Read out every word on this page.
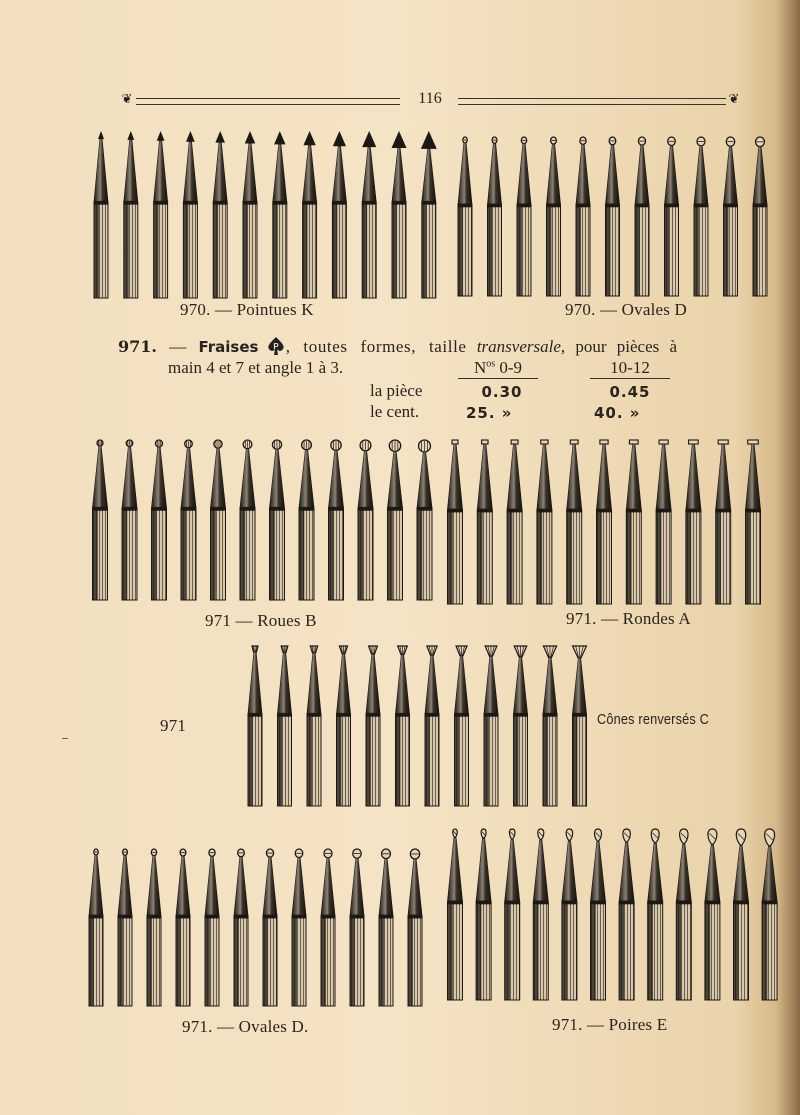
❦	116	❦
970. — Pointues K	970. — Ovales D
971. — Fraises P , toutes formes, taille transversale, pour pièces à
main 4 et 7 et angle 1 à 3.	$N^{os}$ 0-9	10-12
la pièce	0.30	0.45
le cent.	25. »	40. »
971 — Roues B	971. — Rondes A
971	Cônes renversés C
971. — Ovales D.	971. — Poires E
